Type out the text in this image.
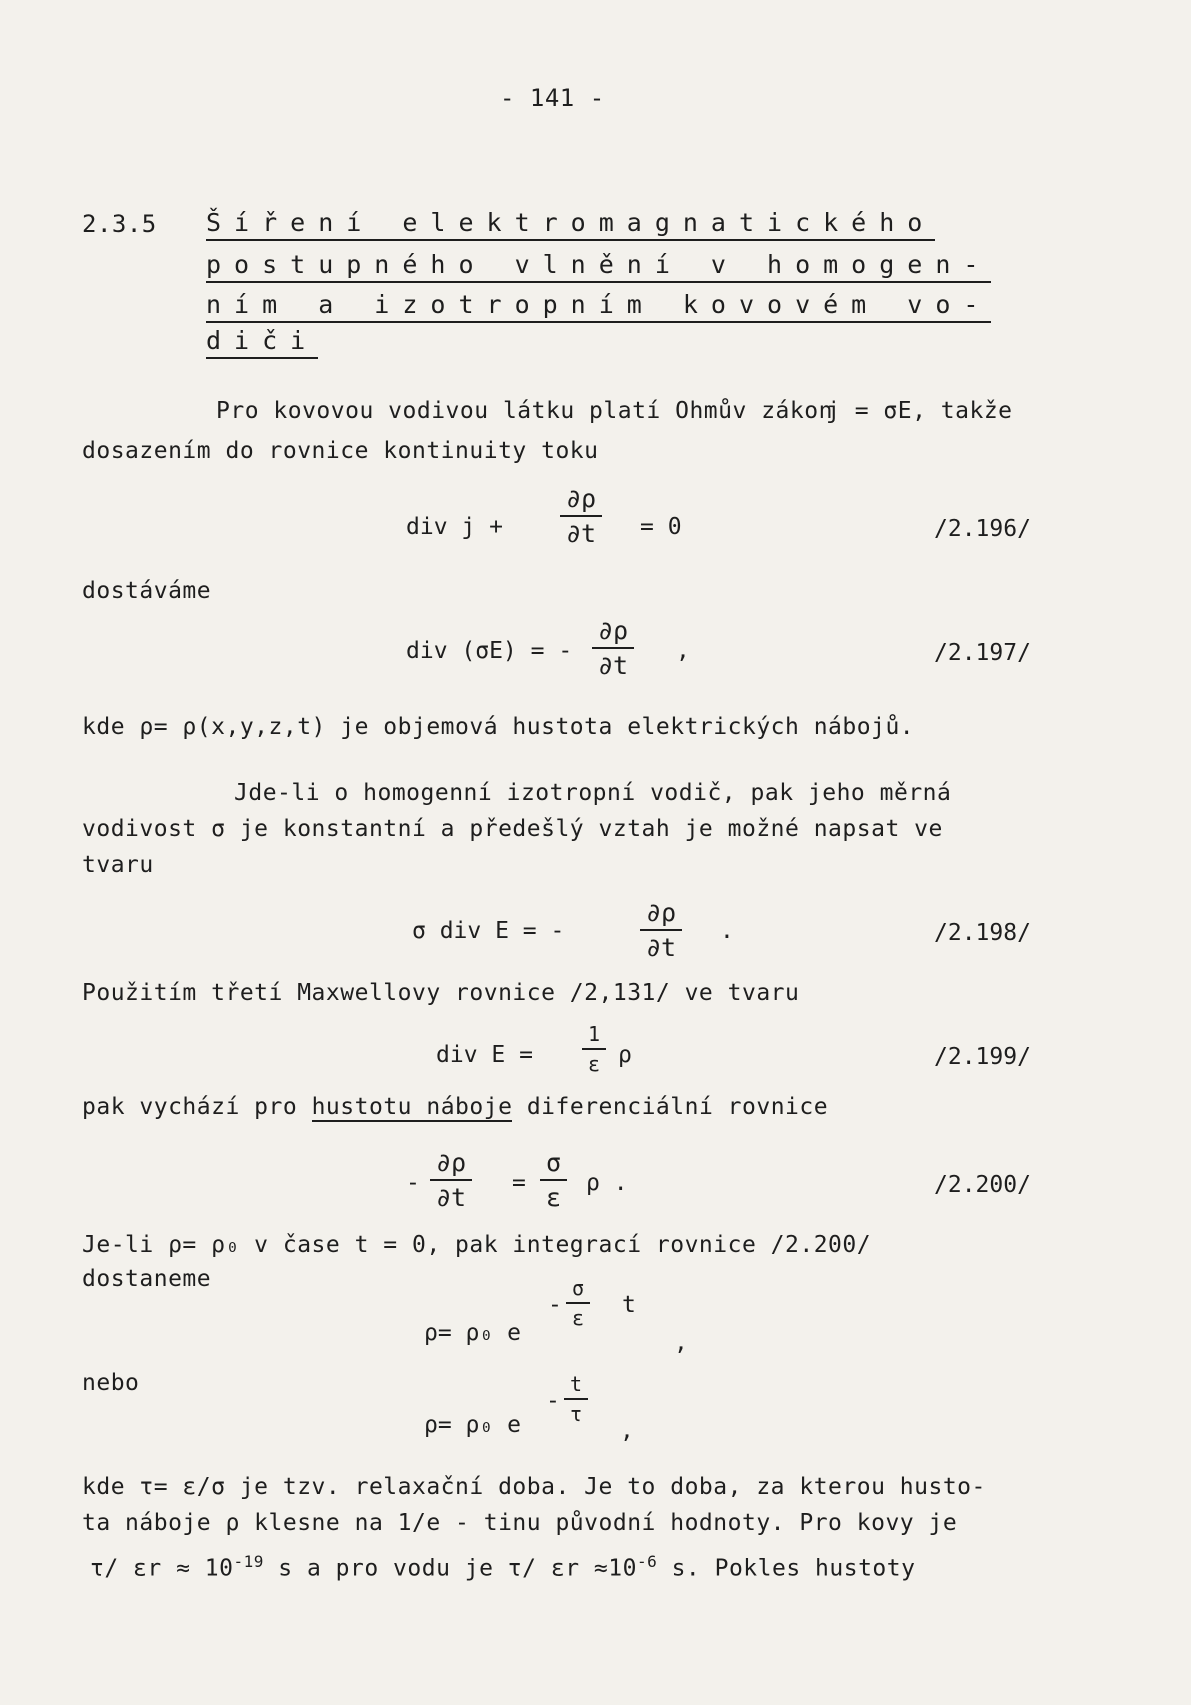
- 141 -
2.3.5 Šíření elektromagnatického
postupného vlnění v homogen-
ním a izotropním kovovém vo-
diči
Pro kovovou vodivou látku platí Ohmův zákon
j = σE, takže
dosazením do rovnice kontinuity toku
div $j + \frac{\partial\rho}{\partial t} = 0$	/2.196/
dostáváme
div (σE) = - $\frac{\partial\rho}{\partial t}$ ,	/2.197/
kde ρ= ρ(x,y,z,t) je objemová hustota elektrických nábojů.
Jde-li o homogenní izotropní vodič, pak jeho měrná
vodivost σ je konstantní a předešlý vztah je možné napsat ve
tvaru
σ div E = -	$\frac{\partial\rho}{\partial t}$ .	/2.198/
Použitím třetí Maxwellovy rovnice /2,131/ ve tvaru
div $E = \frac{1}{\varepsilon}$ ρ	/2.199/
pak vychází pro hustotu náboje diferenciální rovnice
- $\frac{\partial\rho}{\partial t} = \frac{\sigma}{\varepsilon}$ ρ .	/2.200/
Je-li ρ= ρ₀ v čase t = 0, pak integrací rovnice /2.200/
dostaneme
ρ= ρ₀ e
- $\frac{\sigma}{\varepsilon}$ t
,
nebo
ρ= ρ₀ e
- $\frac{t}{\tau}$
,
kde τ= ε/σ je tzv. relaxační doba. Je to doba, za kterou husto-
ta náboje ρ klesne na 1/e - tinu původní hodnoty. Pro kovy je
τ/ $\varepsilon r \approx 10^{-19}$ s a pro vodu je τ/ $\varepsilon r \approx 10^{-6}$ s. Pokles hustoty
